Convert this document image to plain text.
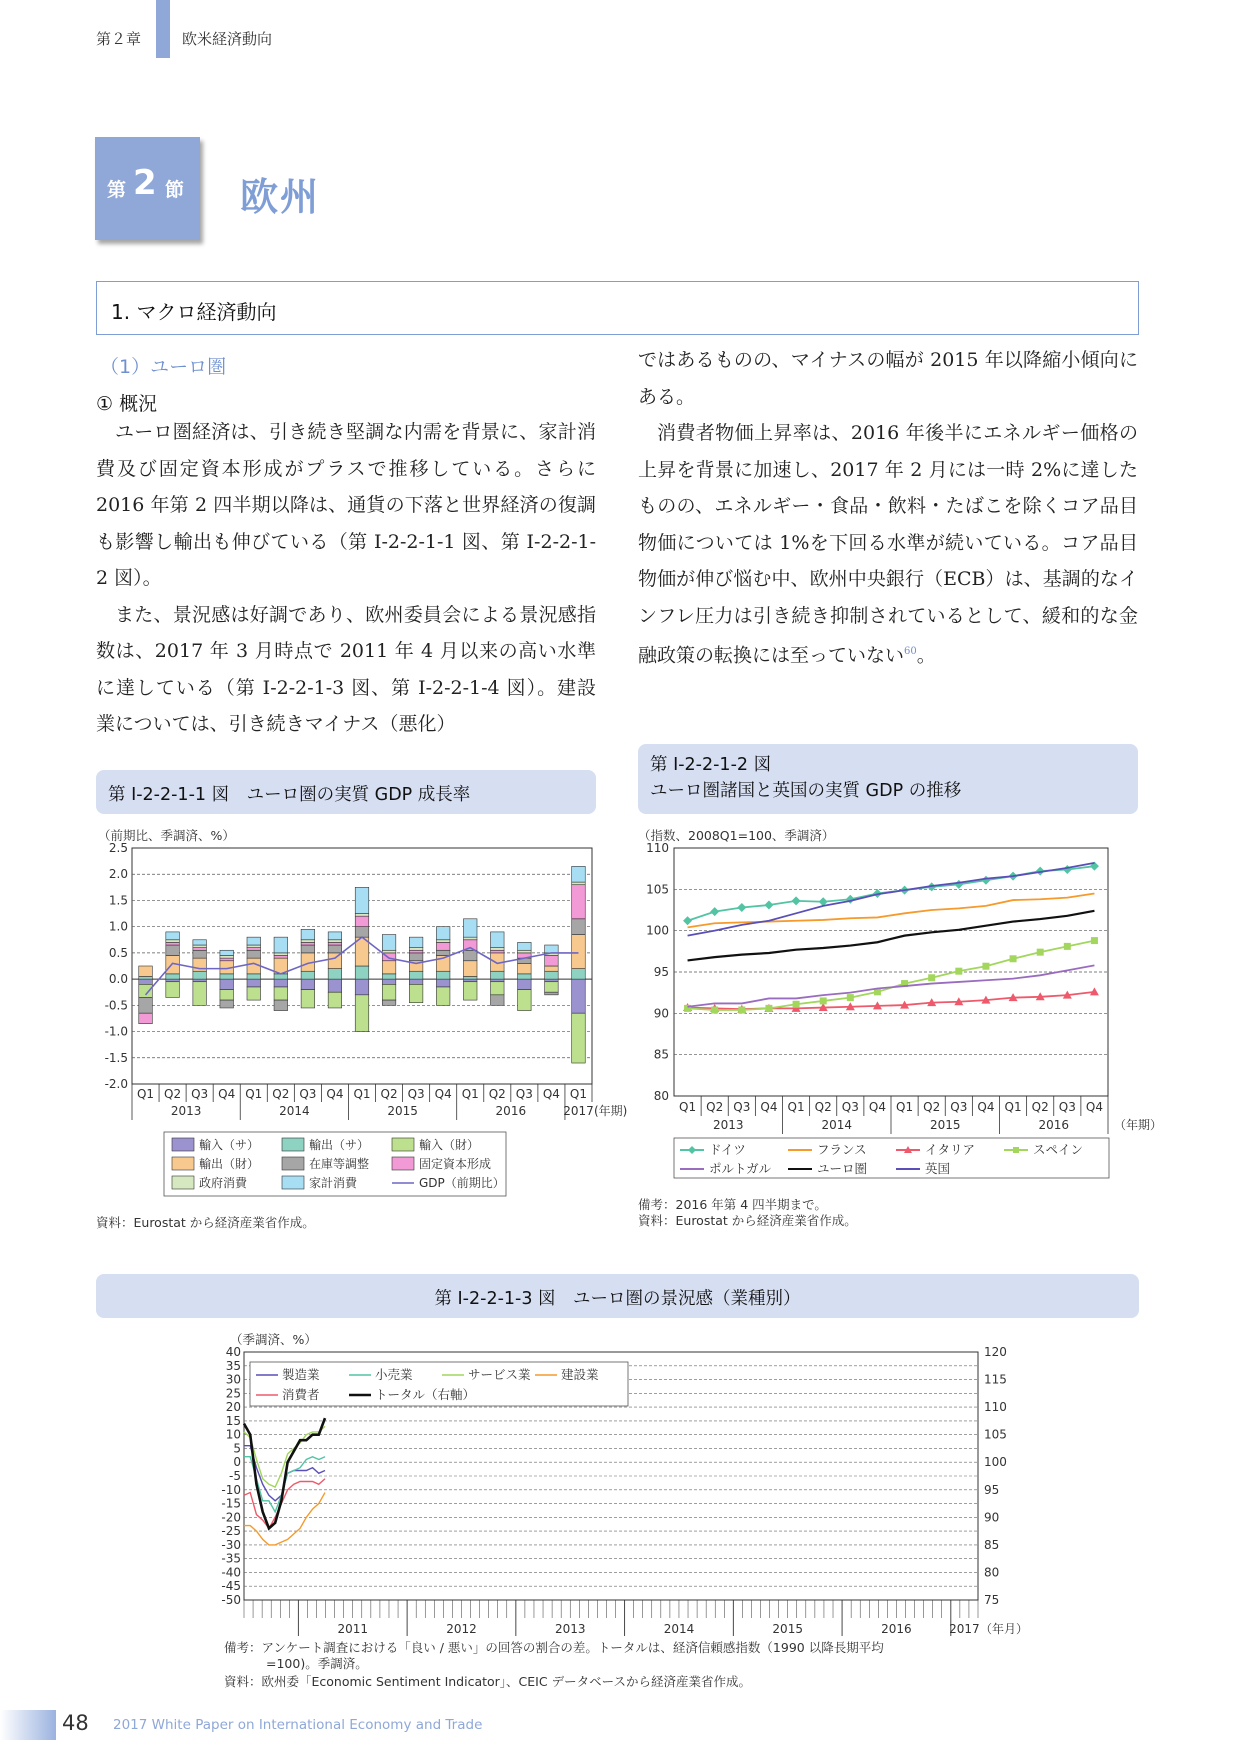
第２章	欧米経済動向
第 2 節 欧州
1. マクロ経済動向
（1）ユーロ圏
① 概況

ユーロ圏経済は、引き続き堅調な内需を背景に、家計消費及び固定資本形成がプラスで推移している。さらに 2016 年第 2 四半期以降は、通貨の下落と世界経済の復調も影響し輸出も伸びている（第 I-2-2-1-1 図、第 I-2-2-1-2 図）。

また、景況感は好調であり、欧州委員会による景況感指数は、2017 年 3 月時点で 2011 年 4 月以来の高い水準に達している（第 I-2-2-1-3 図、第 I-2-2-1-4 図）。建設業については、引き続きマイナス（悪化）

ではあるものの、マイナスの幅が 2015 年以降縮小傾向にある。

消費者物価上昇率は、2016 年後半にエネルギー価格の上昇を背景に加速し、2017 年 2 月には一時 2%に達したものの、エネルギー・食品・飲料・たばこを除くコア品目物価については 1%を下回る水準が続いている。コア品目物価が伸び悩む中、欧州中央銀行（ECB）は、基調的なインフレ圧力は引き続き抑制されているとして、緩和的な金融政策の転換には至っていない$^{60}$。

第 I-2-2-1-1 図　ユーロ圏の実質 GDP 成長率
（前期比、季調済、%）
2.5
2.0
1.5
1.0
0.5
0.0
-0.5
-1.0
-1.5
-2.0
Q1 Q2 Q3 Q4 Q1 Q2 Q3 Q4 Q1 Q2 Q3 Q4 Q1 Q2 Q3 Q4 Q1
2013	2014	2015	2016	2017 (年期)
輸入（サ）	輸出（サ）	輸入（財）
輸出（財）	在庫等調整	固定資本形成
政府消費	家計消費	GDP（前期比）
資料：Eurostat から経済産業省作成。
第 I-2-2-1-2 図
ユーロ圏諸国と英国の実質 GDP の推移
（指数、2008Q1=100、季調済）
110
105
100
95
90
85
80
Q1 Q2 Q3 Q4 Q1 Q2 Q3 Q4 Q1 Q2 Q3 Q4 Q1 Q2 Q3 Q4
2013	2014	2015	2016	（年期）
ドイツ	フランス	イタリア	スペイン
ポルトガル	ユーロ圏	英国
備考：2016 年第 4 四半期まで。
資料：Eurostat から経済産業省作成。
第 I-2-2-1-3 図　ユーロ圏の景況感（業種別）
（季調済、%）
40
35
30
25
20
15
10
5
0
-5
-10
-15
-20
-25
-30
-35
-40
-45
-50
120
115
110
105
100
95
90
85
80
75
2011	2012	2013	2014	2015	2016	2017 （年月）
製造業	小売業	サービス業 建設業
消費者	トータル（右軸）
備考：アンケート調査における「良い / 悪い」の回答の割合の差。トータルは、経済信頼感指数（1990 以降長期平均
=100)。季調済。
資料：欧州委「Economic Sentiment Indicator」、CEIC データベースから経済産業省作成。
48 2017 White Paper on International Economy and Trade
